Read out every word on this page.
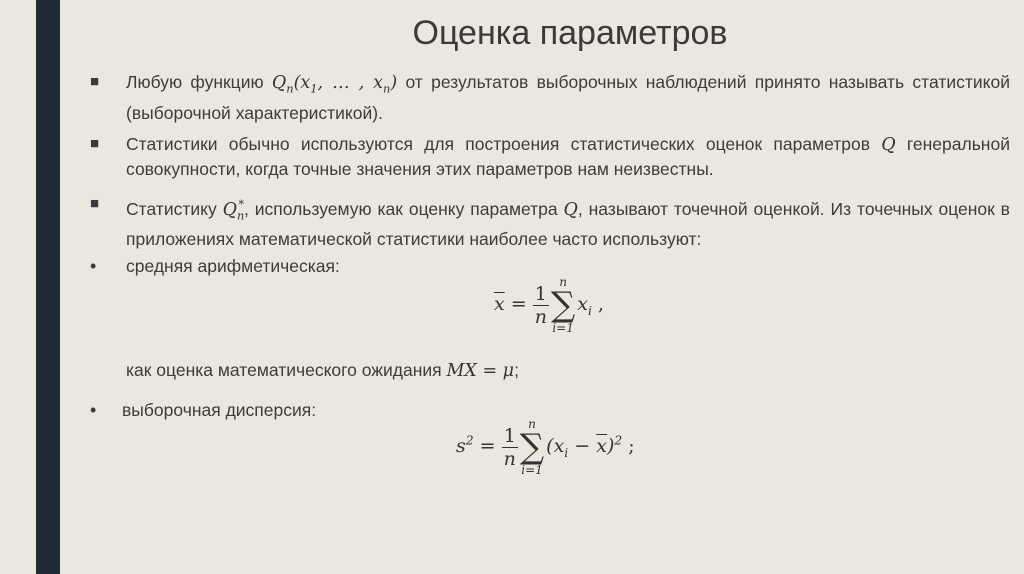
Оценка параметров
■	Любую функцию $Q_n(x_1$, … , $x_n$) от результатов выборочных наблюдений принято называть статистикой (выборочной характеристикой).
■	Статистики обычно используются для построения статистических оценок параметров Q генеральной совокупности, когда точные значения этих параметров нам неизвестны.
■	Статистику $Q_n^*$, используемую как оценку параметра Q, называют точечной оценкой. Из точечных оценок в приложениях математической статистики наиболее часто используют:
•	средняя арифметическая:
$\overline{x} = \frac{1}{n}$
n
∑
i=1
$x_i$ ,
как оценка математического ожидания MX = μ;
•	выборочная дисперсия:
$s^2 = \frac{1}{n}$
n
∑
i=1
$(x_i - \overline{x})^2$ ;
